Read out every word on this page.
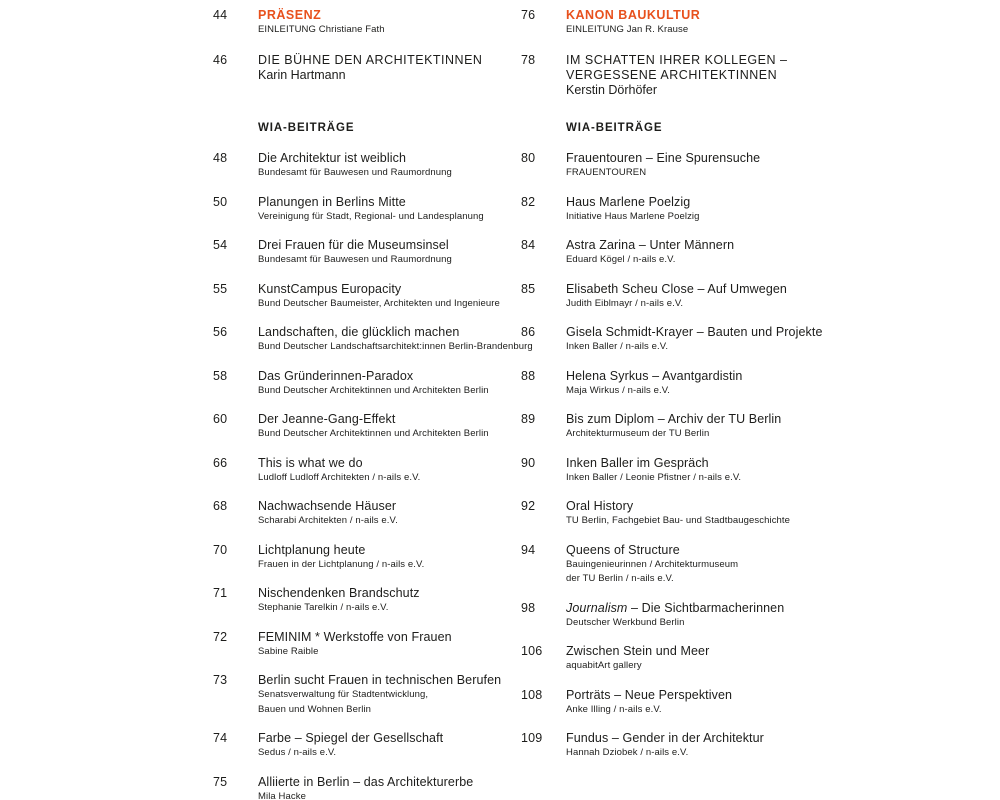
44	PRÄSENZ
EINLEITUNG Christiane Fath
46	DIE BÜHNE DEN ARCHITEKTINNEN
Karin Hartmann
WIA-BEITRÄGE
48	Die Architektur ist weiblich
Bundesamt für Bauwesen und Raumordnung
50	Planungen in Berlins Mitte
Vereinigung für Stadt, Regional- und Landesplanung
54	Drei Frauen für die Museumsinsel
Bundesamt für Bauwesen und Raumordnung
55	KunstCampus Europacity
Bund Deutscher Baumeister, Architekten und Ingenieure
56	Landschaften, die glücklich machen
Bund Deutscher Landschaftsarchitekt:innen Berlin-Brandenburg
58	Das Gründerinnen-Paradox
Bund Deutscher Architektinnen und Architekten Berlin
60	Der Jeanne-Gang-Effekt
Bund Deutscher Architektinnen und Architekten Berlin
66	This is what we do
Ludloff Ludloff Architekten / n-ails e.V.
68	Nachwachsende Häuser
Scharabi Architekten / n-ails e.V.
70	Lichtplanung heute
Frauen in der Lichtplanung / n-ails e.V.
71	Nischendenken Brandschutz
Stephanie Tarelkin / n-ails e.V.
72	FEMINIM * Werkstoffe von Frauen
Sabine Raible
73	Berlin sucht Frauen in technischen Berufen
Senatsverwaltung für Stadtentwicklung,
Bauen und Wohnen Berlin
74	Farbe – Spiegel der Gesellschaft
Sedus / n-ails e.V.
75	Alliierte in Berlin – das Architekturerbe
Mila Hacke
76	KANON BAUKULTUR
EINLEITUNG Jan R. Krause
78	IM SCHATTEN IHRER KOLLEGEN –
VERGESSENE ARCHITEKTINNEN
Kerstin Dörhöfer
WIA-BEITRÄGE
80	Frauentouren – Eine Spurensuche
FRAUENTOUREN
82	Haus Marlene Poelzig
Initiative Haus Marlene Poelzig
84	Astra Zarina – Unter Männern
Eduard Kögel / n-ails e.V.
85	Elisabeth Scheu Close – Auf Umwegen
Judith Eiblmayr / n-ails e.V.
86	Gisela Schmidt-Krayer – Bauten und Projekte
Inken Baller / n-ails e.V.
88	Helena Syrkus – Avantgardistin
Maja Wirkus / n-ails e.V.
89	Bis zum Diplom – Archiv der TU Berlin
Architekturmuseum der TU Berlin
90	Inken Baller im Gespräch
Inken Baller / Leonie Pfistner / n-ails e.V.
92	Oral History
TU Berlin, Fachgebiet Bau- und Stadtbaugeschichte
94	Queens of Structure
Bauingenieurinnen / Architekturmuseum
der TU Berlin / n-ails e.V.
98	Journalism – Die Sichtbarmacherinnen
Deutscher Werkbund Berlin
106	Zwischen Stein und Meer
aquabitArt gallery
108	Porträts – Neue Perspektiven
Anke Illing / n-ails e.V.
109	Fundus – Gender in der Architektur
Hannah Dziobek / n-ails e.V.
